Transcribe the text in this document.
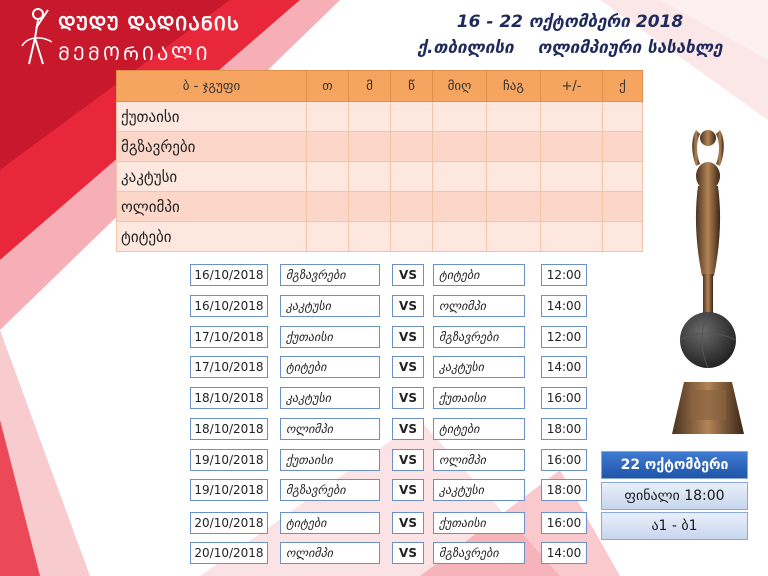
ᲓᲣᲓᲣ ᲓᲐᲓᲘᲐᲜᲘᲡ
ᲛᲔᲛᲝᲠᲘᲐᲚᲘ
16 - 22 ოქტომბერი 2018
ქ.თბილისი ოლიმპიური სასახლე
ბ - ჯგუფი	თ	მ	წ	მიღ	ჩაგ	+/-	ქ
ქუთაისი							
მგზავრები							
კაკტუსი							
ოლიმპი							
ტიტები							
16/10/2018	მგზავრები	VS	ტიტები	12:00
16/10/2018	კაკტუსი	VS	ოლიმპი	14:00
17/10/2018	ქუთაისი	VS	მგზავრები	12:00
17/10/2018	ტიტები	VS	კაკტუსი	14:00
18/10/2018	კაკტუსი	VS	ქუთაისი	16:00
18/10/2018	ოლიმპი	VS	ტიტები	18:00
19/10/2018	ქუთაისი	VS	ოლიმპი	16:00
19/10/2018	მგზავრები	VS	კაკტუსი	18:00
20/10/2018	ტიტები	VS	ქუთაისი	16:00
20/10/2018	ოლიმპი	VS	მგზავრები	14:00
22 ოქტომბერი
ფინალი 18:00
ა1 - ბ1
